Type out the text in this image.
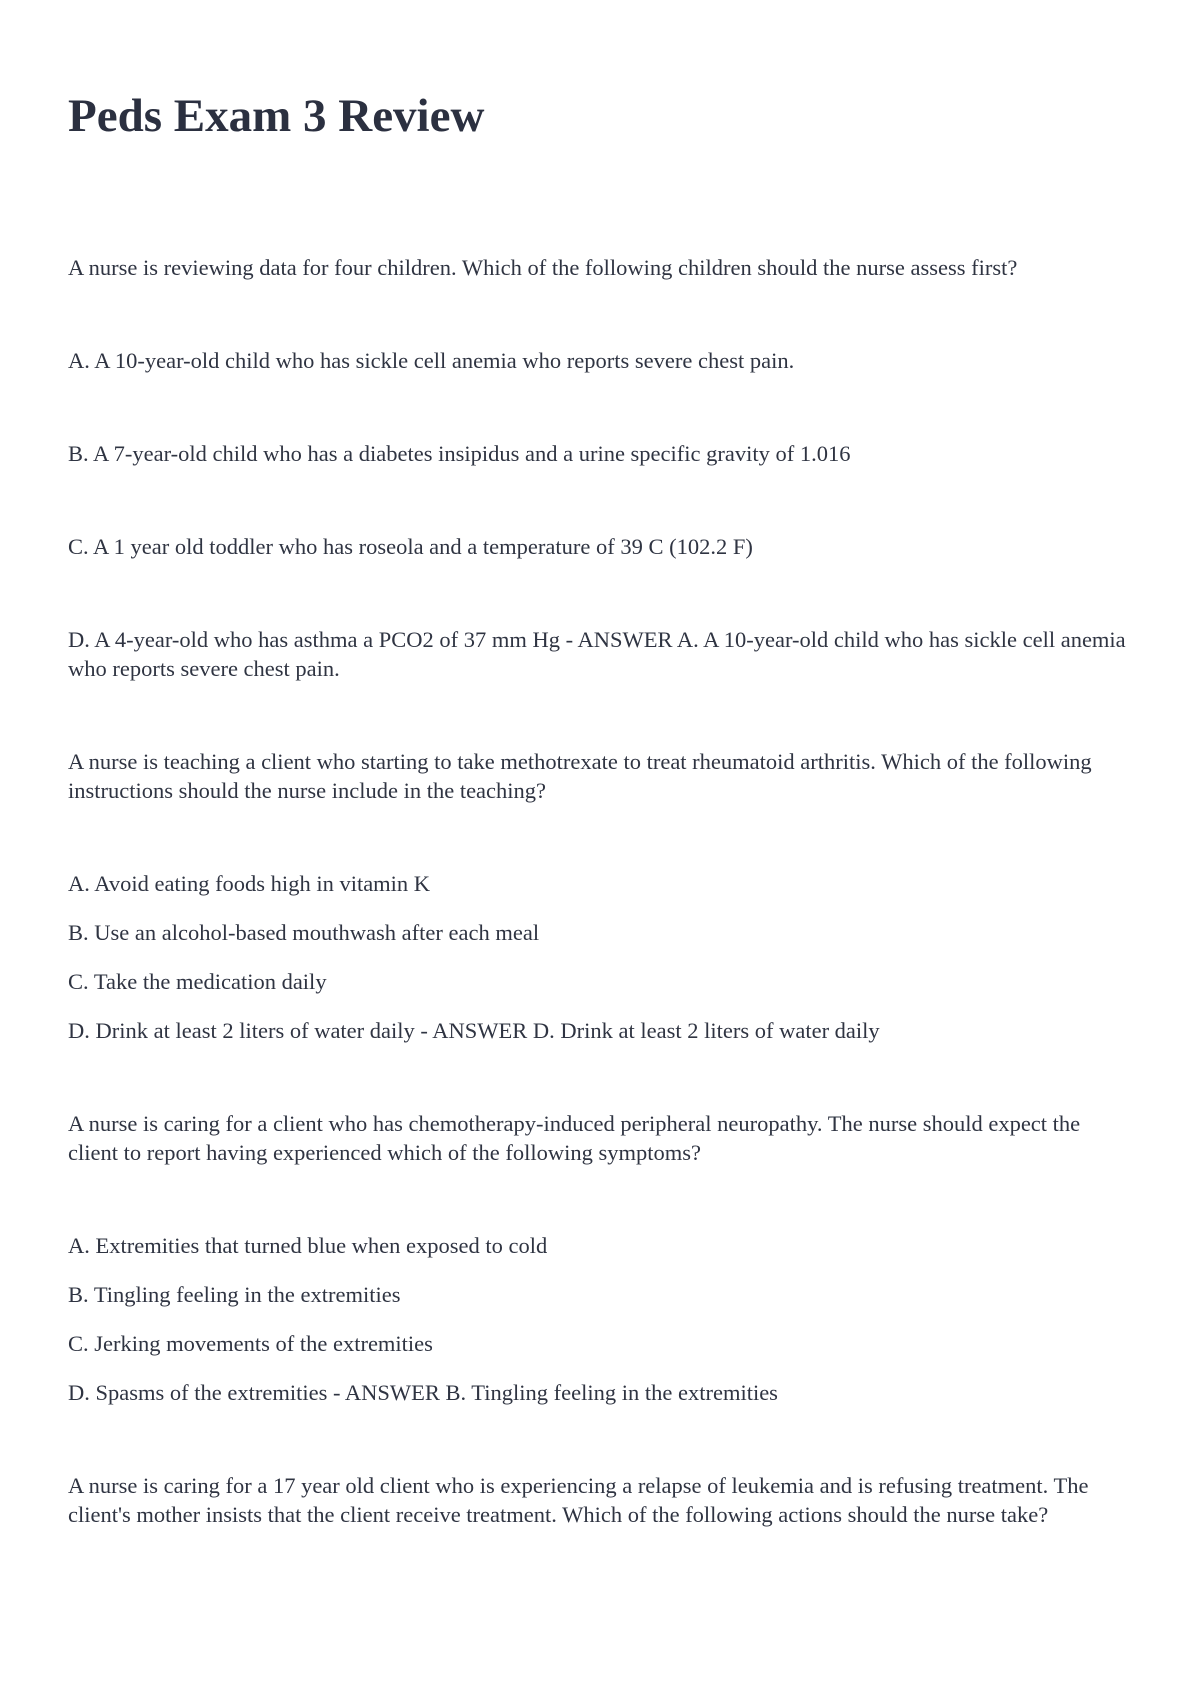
Peds Exam 3 Review

A nurse is reviewing data for four children. Which of the following children should the nurse assess first?

A. A 10-year-old child who has sickle cell anemia who reports severe chest pain.

B. A 7-year-old child who has a diabetes insipidus and a urine specific gravity of 1.016

C. A 1 year old toddler who has roseola and a temperature of 39 C (102.2 F)

D. A 4-year-old who has asthma a PCO2 of 37 mm Hg - ANSWER A. A 10-year-old child who has sickle cell anemia who reports severe chest pain.

A nurse is teaching a client who starting to take methotrexate to treat rheumatoid arthritis. Which of the following instructions should the nurse include in the teaching?

A. Avoid eating foods high in vitamin K

B. Use an alcohol-based mouthwash after each meal

C. Take the medication daily

D. Drink at least 2 liters of water daily - ANSWER D. Drink at least 2 liters of water daily

A nurse is caring for a client who has chemotherapy-induced peripheral neuropathy. The nurse should expect the client to report having experienced which of the following symptoms?

A. Extremities that turned blue when exposed to cold

B. Tingling feeling in the extremities

C. Jerking movements of the extremities

D. Spasms of the extremities - ANSWER B. Tingling feeling in the extremities

A nurse is caring for a 17 year old client who is experiencing a relapse of leukemia and is refusing treatment. The client's mother insists that the client receive treatment. Which of the following actions should the nurse take?
